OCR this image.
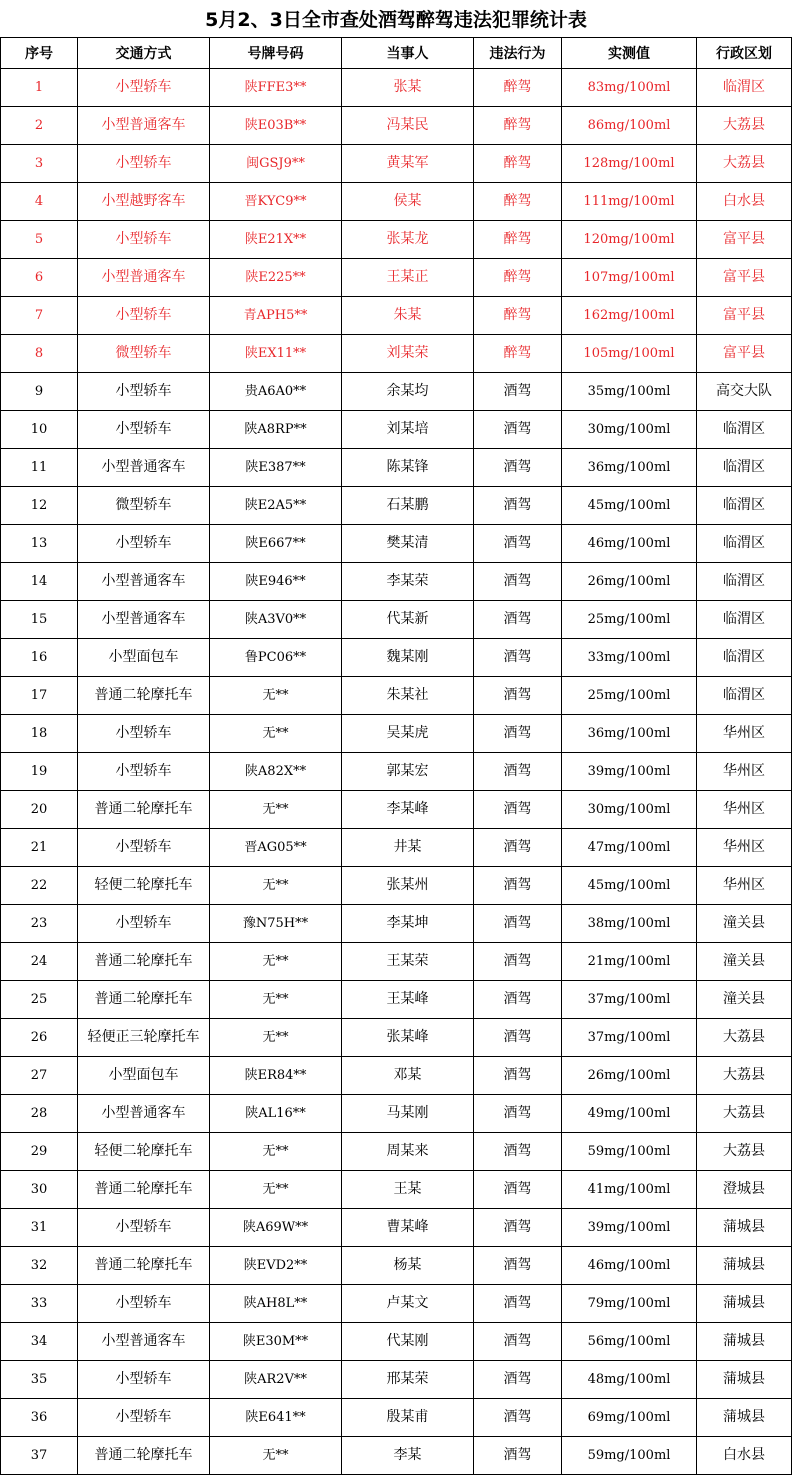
5月2、3日全市查处酒驾醉驾违法犯罪统计表
序号	交通方式	号牌号码	当事人	违法行为	实测值	行政区划
1	小型轿车	陕FFE3**	张某	醉驾	83mg/100ml	临渭区
2	小型普通客车	陕E03B**	冯某民	醉驾	86mg/100ml	大荔县
3	小型轿车	闽GSJ9**	黄某军	醉驾	128mg/100ml	大荔县
4	小型越野客车	晋KYC9**	侯某	醉驾	111mg/100ml	白水县
5	小型轿车	陕E21X**	张某龙	醉驾	120mg/100ml	富平县
6	小型普通客车	陕E225**	王某正	醉驾	107mg/100ml	富平县
7	小型轿车	青APH5**	朱某	醉驾	162mg/100ml	富平县
8	微型轿车	陕EX11**	刘某荣	醉驾	105mg/100ml	富平县
9	小型轿车	贵A6A0**	余某均	酒驾	35mg/100ml	高交大队
10	小型轿车	陕A8RP**	刘某培	酒驾	30mg/100ml	临渭区
11	小型普通客车	陕E387**	陈某锋	酒驾	36mg/100ml	临渭区
12	微型轿车	陕E2A5**	石某鹏	酒驾	45mg/100ml	临渭区
13	小型轿车	陕E667**	樊某清	酒驾	46mg/100ml	临渭区
14	小型普通客车	陕E946**	李某荣	酒驾	26mg/100ml	临渭区
15	小型普通客车	陕A3V0**	代某新	酒驾	25mg/100ml	临渭区
16	小型面包车	鲁PC06**	魏某刚	酒驾	33mg/100ml	临渭区
17	普通二轮摩托车	无**	朱某社	酒驾	25mg/100ml	临渭区
18	小型轿车	无**	吴某虎	酒驾	36mg/100ml	华州区
19	小型轿车	陕A82X**	郭某宏	酒驾	39mg/100ml	华州区
20	普通二轮摩托车	无**	李某峰	酒驾	30mg/100ml	华州区
21	小型轿车	晋AG05**	井某	酒驾	47mg/100ml	华州区
22	轻便二轮摩托车	无**	张某州	酒驾	45mg/100ml	华州区
23	小型轿车	豫N75H**	李某坤	酒驾	38mg/100ml	潼关县
24	普通二轮摩托车	无**	王某荣	酒驾	21mg/100ml	潼关县
25	普通二轮摩托车	无**	王某峰	酒驾	37mg/100ml	潼关县
26	轻便正三轮摩托车	无**	张某峰	酒驾	37mg/100ml	大荔县
27	小型面包车	陕ER84**	邓某	酒驾	26mg/100ml	大荔县
28	小型普通客车	陕AL16**	马某刚	酒驾	49mg/100ml	大荔县
29	轻便二轮摩托车	无**	周某来	酒驾	59mg/100ml	大荔县
30	普通二轮摩托车	无**	王某	酒驾	41mg/100ml	澄城县
31	小型轿车	陕A69W**	曹某峰	酒驾	39mg/100ml	蒲城县
32	普通二轮摩托车	陕EVD2**	杨某	酒驾	46mg/100ml	蒲城县
33	小型轿车	陕AH8L**	卢某文	酒驾	79mg/100ml	蒲城县
34	小型普通客车	陕E30M**	代某刚	酒驾	56mg/100ml	蒲城县
35	小型轿车	陕AR2V**	邢某荣	酒驾	48mg/100ml	蒲城县
36	小型轿车	陕E641**	殷某甫	酒驾	69mg/100ml	蒲城县
37	普通二轮摩托车	无**	李某	酒驾	59mg/100ml	白水县
